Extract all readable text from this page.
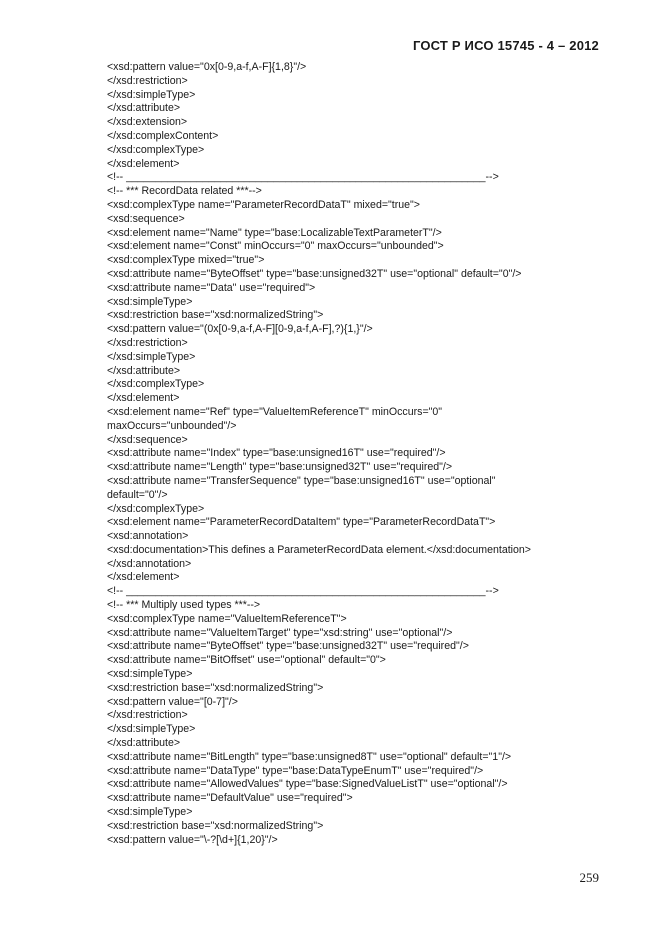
ГОСТ Р ИСО 15745 - 4 – 2012
<xsd:pattern value="0x[0-9,a-f,A-F]{1,8}"/>
</xsd:restriction>
</xsd:simpleType>
</xsd:attribute>
</xsd:extension>
</xsd:complexContent>
</xsd:complexType>
</xsd:element>
<!-- _____________________________________________________________-->
<!-- *** RecordData related ***-->
<xsd:complexType name="ParameterRecordDataT" mixed="true">
<xsd:sequence>
<xsd:element name="Name" type="base:LocalizableTextParameterT"/>
<xsd:element name="Const" minOccurs="0" maxOccurs="unbounded">
<xsd:complexType mixed="true">
<xsd:attribute name="ByteOffset" type="base:unsigned32T" use="optional" default="0"/>
<xsd:attribute name="Data" use="required">
<xsd:simpleType>
<xsd:restriction base="xsd:normalizedString">
<xsd:pattern value="(0x[0-9,a-f,A-F][0-9,a-f,A-F],?){1,}"/>
</xsd:restriction>
</xsd:simpleType>
</xsd:attribute>
</xsd:complexType>
</xsd:element>
<xsd:element name="Ref" type="ValueItemReferenceT" minOccurs="0"
maxOccurs="unbounded"/>
</xsd:sequence>
<xsd:attribute name="Index" type="base:unsigned16T" use="required"/>
<xsd:attribute name="Length" type="base:unsigned32T" use="required"/>
<xsd:attribute name="TransferSequence" type="base:unsigned16T" use="optional"
default="0"/>
</xsd:complexType>
<xsd:element name="ParameterRecordDataItem" type="ParameterRecordDataT">
<xsd:annotation>
<xsd:documentation>This defines a ParameterRecordData element.</xsd:documentation>
</xsd:annotation>
</xsd:element>
<!-- _____________________________________________________________-->
<!-- *** Multiply used types ***-->
<xsd:complexType name="ValueItemReferenceT">
<xsd:attribute name="ValueItemTarget" type="xsd:string" use="optional"/>
<xsd:attribute name="ByteOffset" type="base:unsigned32T" use="required"/>
<xsd:attribute name="BitOffset" use="optional" default="0">
<xsd:simpleType>
<xsd:restriction base="xsd:normalizedString">
<xsd:pattern value="[0-7]"/>
</xsd:restriction>
</xsd:simpleType>
</xsd:attribute>
<xsd:attribute name="BitLength" type="base:unsigned8T" use="optional" default="1"/>
<xsd:attribute name="DataType" type="base:DataTypeEnumT" use="required"/>
<xsd:attribute name="AllowedValues" type="base:SignedValueListT" use="optional"/>
<xsd:attribute name="DefaultValue" use="required">
<xsd:simpleType>
<xsd:restriction base="xsd:normalizedString">
<xsd:pattern value="\-?[\d+]{1,20}"/>
259
